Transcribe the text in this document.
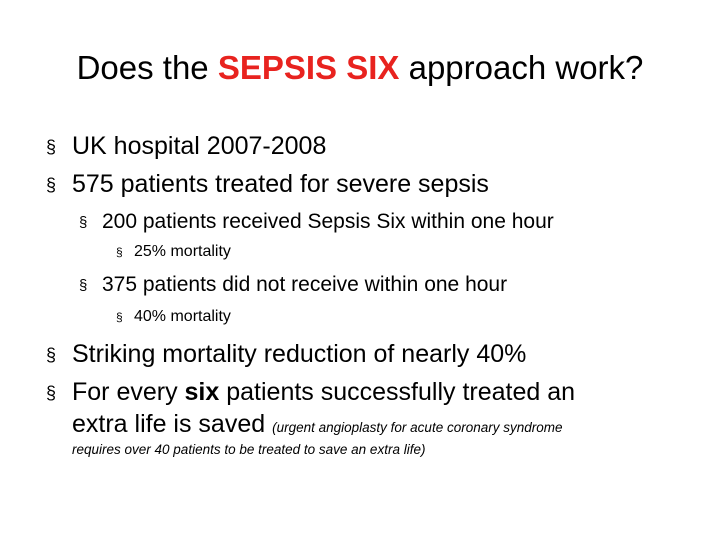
Does the SEPSIS SIX approach work?
§ UK hospital 2007-2008
§ 575 patients treated for severe sepsis
§ 200 patients received Sepsis Six within one hour
§ 25% mortality
§ 375 patients did not receive within one hour
§ 40% mortality
§ Striking mortality reduction of nearly 40%
§ For every six patients successfully treated an
extra life is saved (urgent angioplasty for acute coronary syndrome
requires over 40 patients to be treated to save an extra life)
